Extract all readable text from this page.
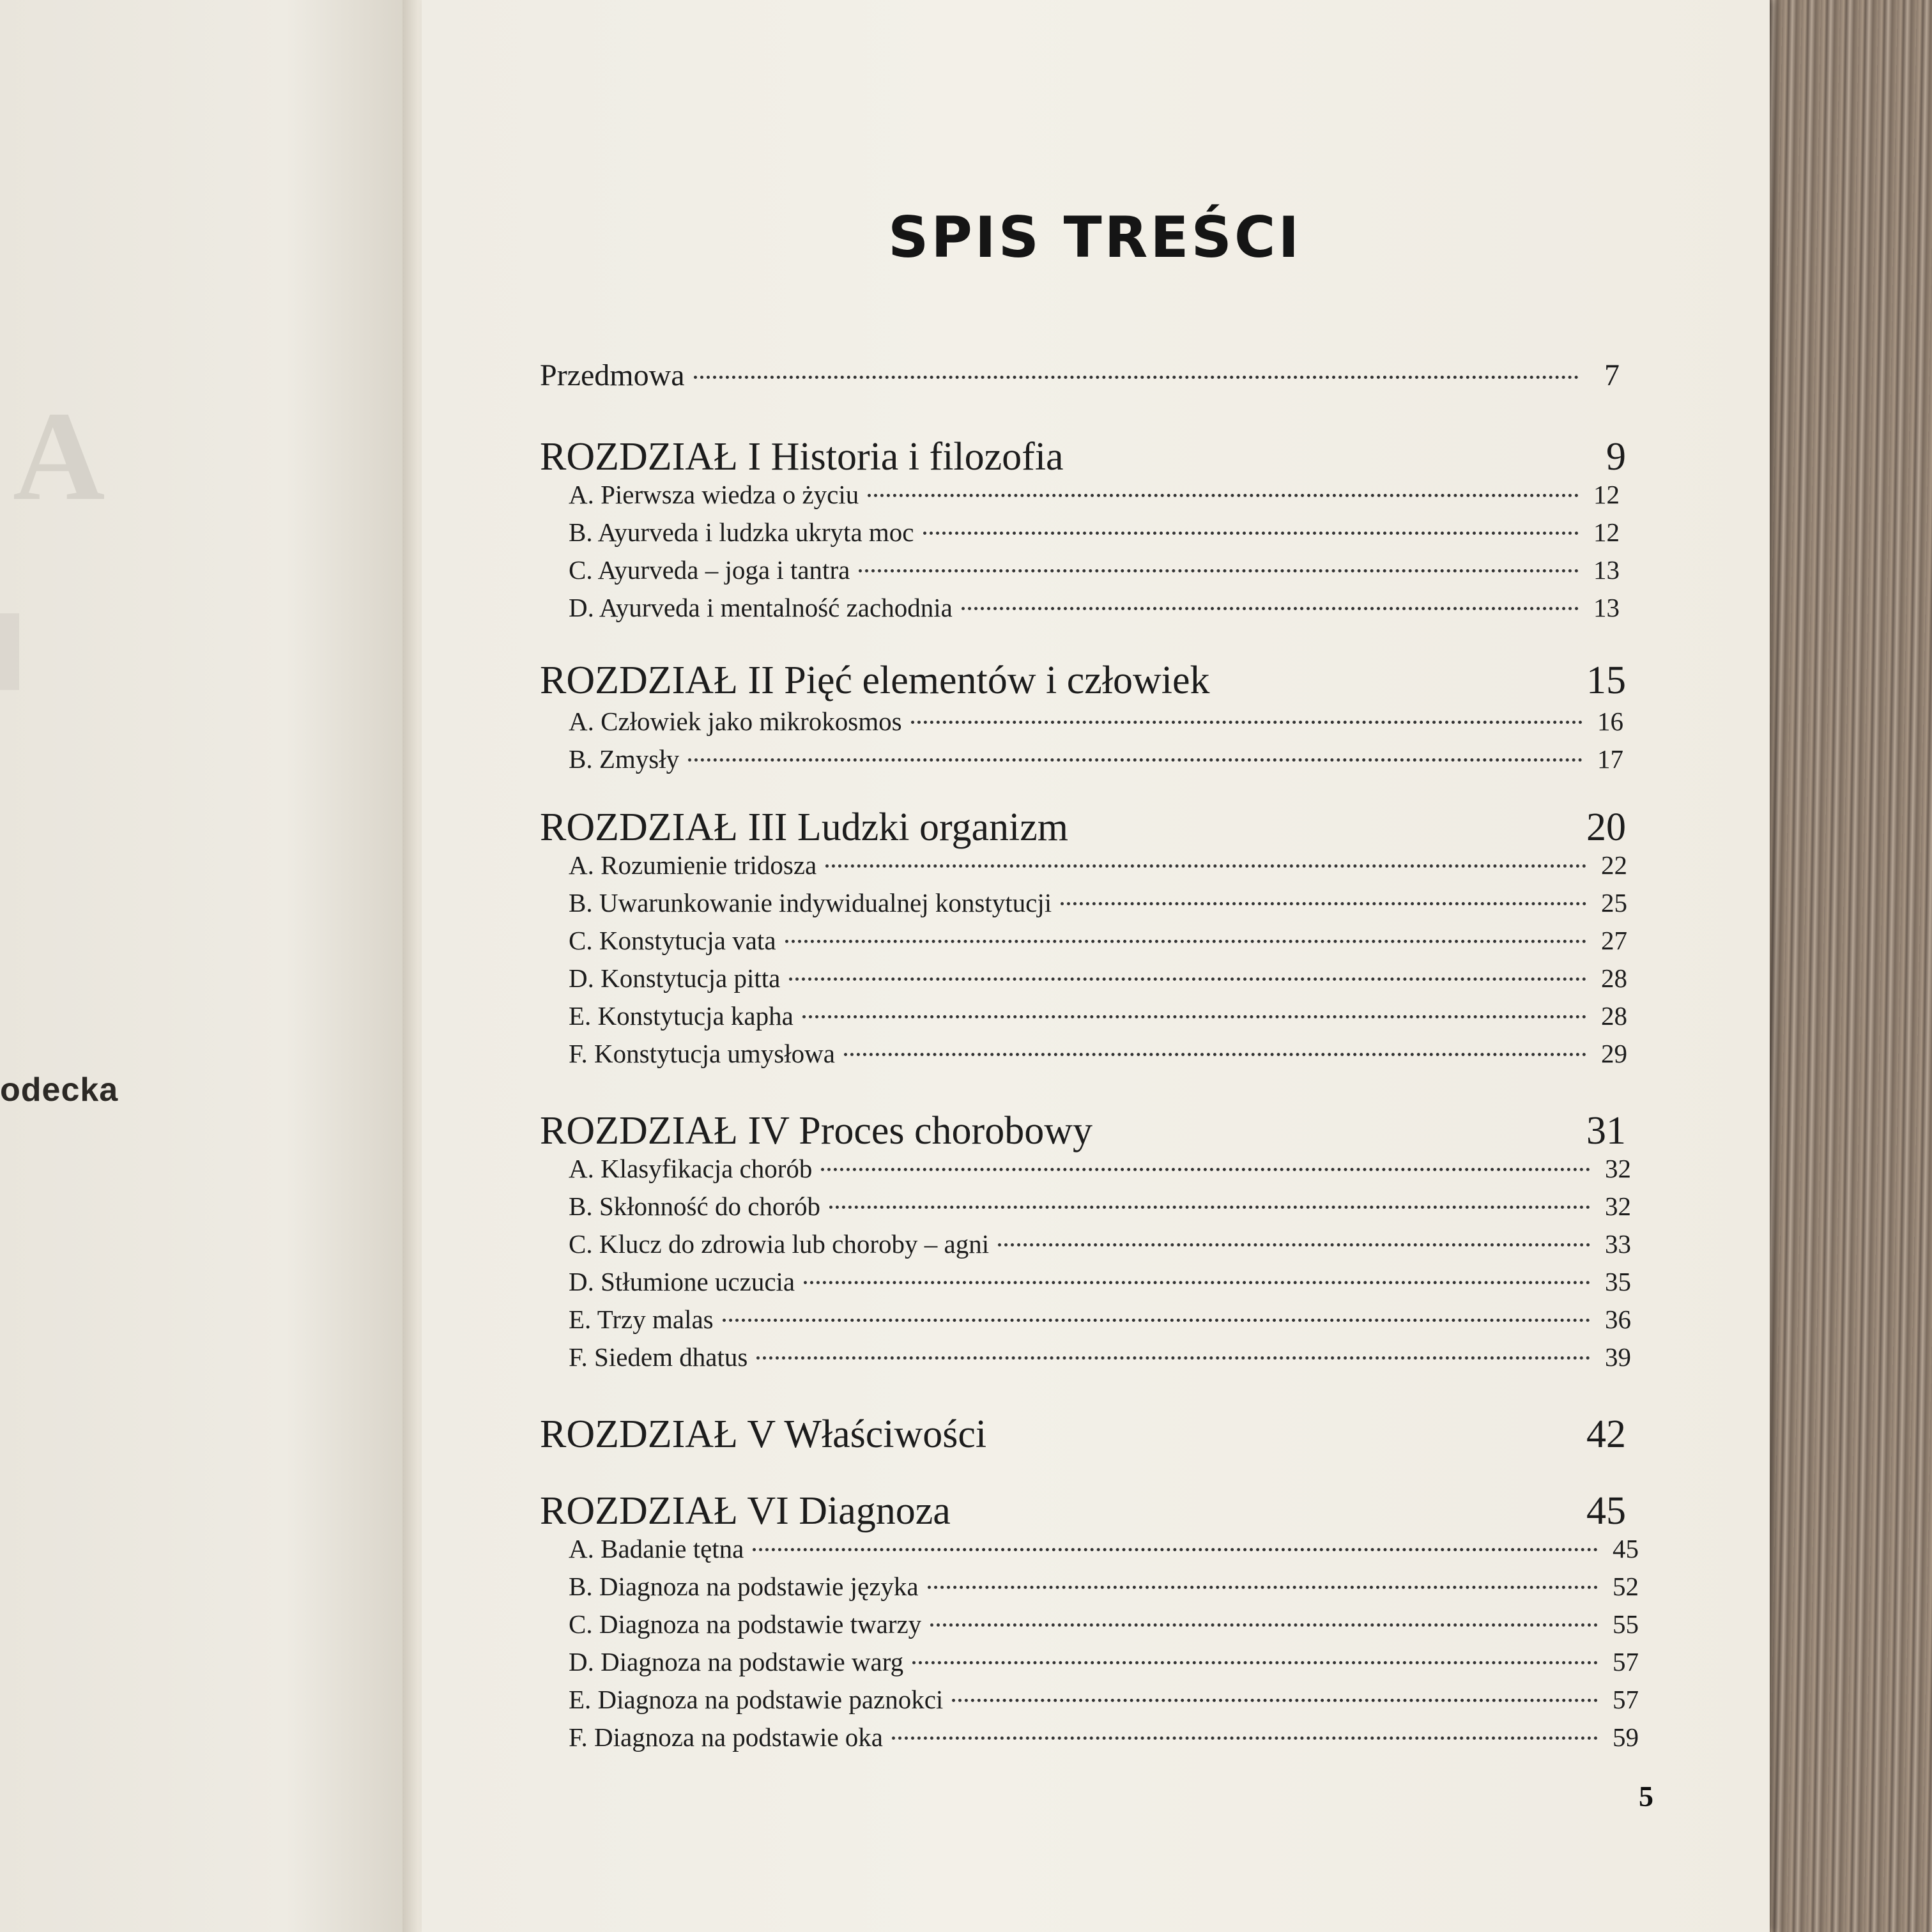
A
odecka
SPIS TREŚCI
Przedmowa	7
ROZDZIAŁ I Historia i filozofia	9
A. Pierwsza wiedza o życiu	12
B. Ayurveda i ludzka ukryta moc	12
C. Ayurveda – joga i tantra	13
D. Ayurveda i mentalność zachodnia	13
ROZDZIAŁ II Pięć elementów i człowiek	15
A. Człowiek jako mikrokosmos	16
B. Zmysły	17
ROZDZIAŁ III Ludzki organizm	20
A. Rozumienie tridosza	22
B. Uwarunkowanie indywidualnej konstytucji	25
C. Konstytucja vata	27
D. Konstytucja pitta	28
E. Konstytucja kapha	28
F. Konstytucja umysłowa	29
ROZDZIAŁ IV Proces chorobowy	31
A. Klasyfikacja chorób	32
B. Skłonność do chorób	32
C. Klucz do zdrowia lub choroby – agni	33
D. Stłumione uczucia	35
E. Trzy malas	36
F. Siedem dhatus	39
ROZDZIAŁ V Właściwości	42
ROZDZIAŁ VI Diagnoza	45
A. Badanie tętna	45
B. Diagnoza na podstawie języka	52
C. Diagnoza na podstawie twarzy	55
D. Diagnoza na podstawie warg	57
E. Diagnoza na podstawie paznokci	57
F. Diagnoza na podstawie oka	59
5
